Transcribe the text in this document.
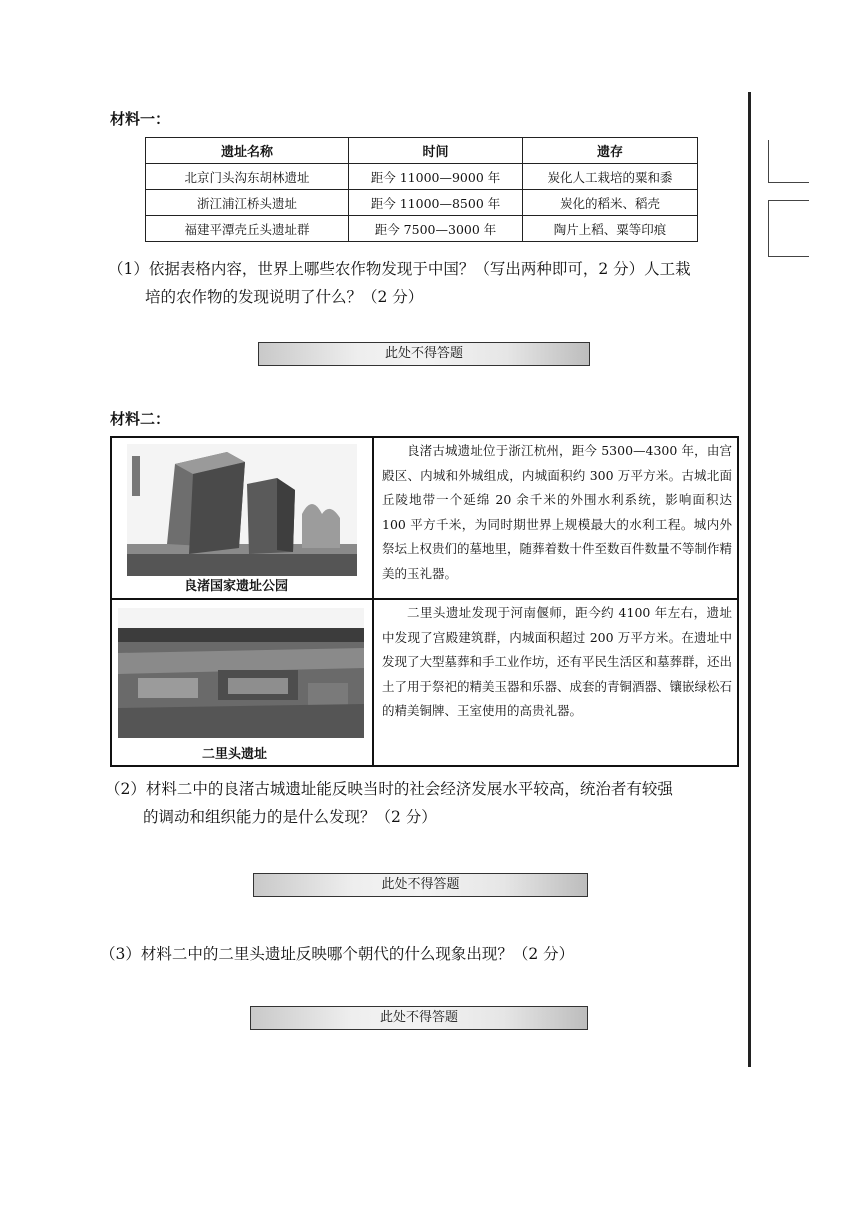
材料一：
遗址名称	时间	遗存
北京门头沟东胡林遗址	距今 11000—9000 年	炭化人工栽培的粟和黍
浙江浦江桥头遗址	距今 11000—8500 年	炭化的稻米、稻壳
福建平潭壳丘头遗址群	距今 7500—3000 年	陶片上稻、粟等印痕
（1）依据表格内容，世界上哪些农作物发现于中国？（写出两种即可，2 分）人工栽
培的农作物的发现说明了什么？（2 分）
此处不得答题
材料二：
良渚国家遗址公园
良渚古城遗址位于浙江杭州，距今 5300—4300 年，由宫殿区、内城和外城组成，内城面积约 300 万平方米。古城北面丘陵地带一个延绵 20 余千米的外围水利系统，影响面积达 100 平方千米，为同时期世界上规模最大的水利工程。城内外祭坛上权贵们的墓地里，随葬着数十件至数百件数量不等制作精美的玉礼器。
二里头遗址
二里头遗址发现于河南偃师，距今约 4100 年左右，遗址中发现了宫殿建筑群，内城面积超过 200 万平方米。在遗址中发现了大型墓葬和手工业作坊，还有平民生活区和墓葬群，还出土了用于祭祀的精美玉器和乐器、成套的青铜酒器、镶嵌绿松石的精美铜牌、王室使用的高贵礼器。
（2）材料二中的良渚古城遗址能反映当时的社会经济发展水平较高，统治者有较强
的调动和组织能力的是什么发现？（2 分）
此处不得答题
（3）材料二中的二里头遗址反映哪个朝代的什么现象出现？（2 分）
此处不得答题
